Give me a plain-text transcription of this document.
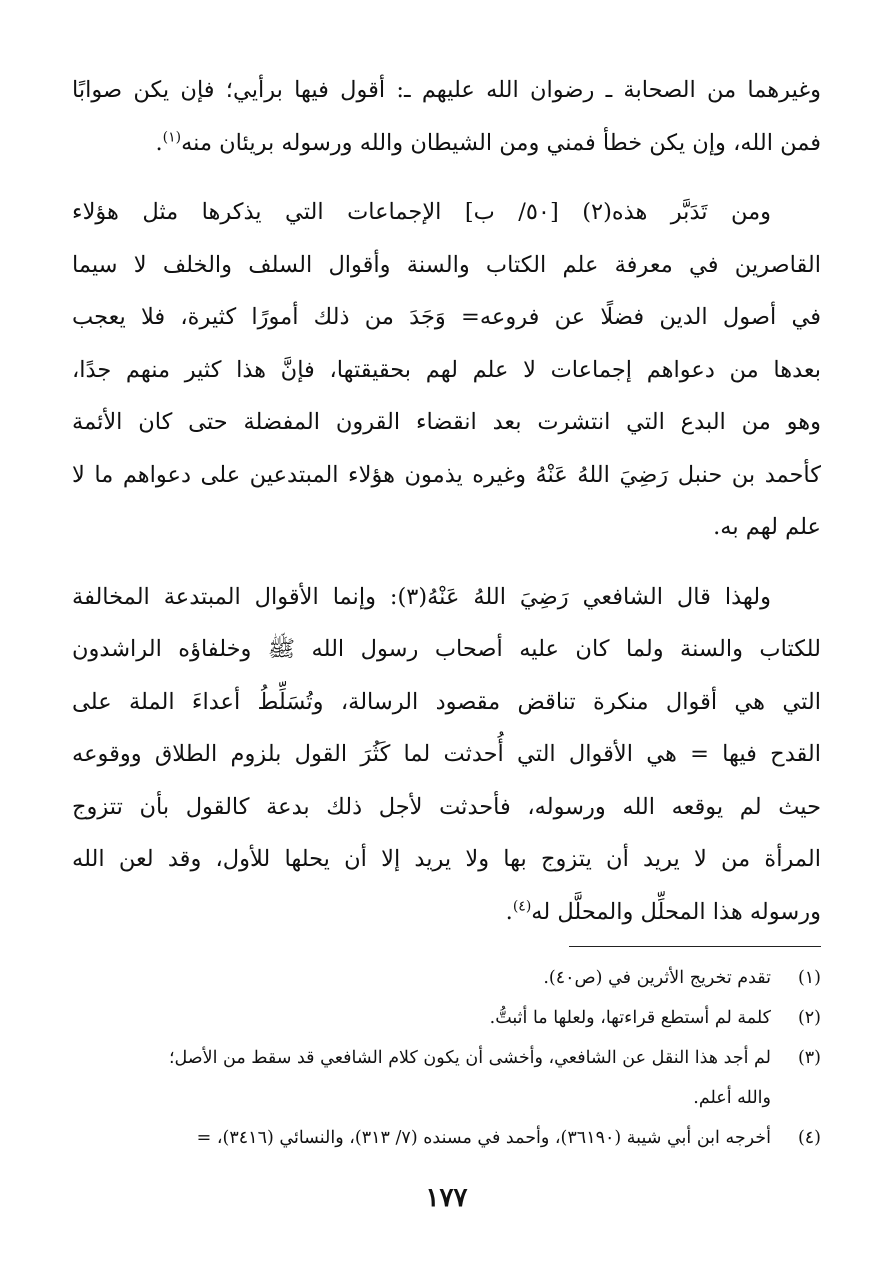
وغيرهما من الصحابة ـ رضوان الله عليهم ـ: أقول فيها برأيي؛ فإن يكن صوابًا
فمن الله، وإن يكن خطأ فمني ومن الشيطان والله ورسوله بريئان منه$^{(١)}$.
ومن تَدَبَّر هذه(٢) [٥٠/ ب] الإجماعات التي يذكرها مثل هؤلاء
القاصرين في معرفة علم الكتاب والسنة وأقوال السلف والخلف لا سيما
في أصول الدين فضلًا عن فروعه= وَجَدَ من ذلك أمورًا كثيرة، فلا يعجب
بعدها من دعواهم إجماعات لا علم لهم بحقيقتها، فإنَّ هذا كثير منهم جدًا،
وهو من البدع التي انتشرت بعد انقضاء القرون المفضلة حتى كان الأئمة
كأحمد بن حنبل رَضِيَ اللهُ عَنْهُ وغيره يذمون هؤلاء المبتدعين على دعواهم ما لا
علم لهم به.
ولهذا قال الشافعي رَضِيَ اللهُ عَنْهُ(٣): وإنما الأقوال المبتدعة المخالفة
للكتاب والسنة ولما كان عليه أصحاب رسول الله ﷺ وخلفاؤه الراشدون
التي هي أقوال منكرة تناقض مقصود الرسالة، وتُسَلِّطُ أعداءَ الملة على
القدح فيها = هي الأقوال التي أُحدثت لما كَثُرَ القول بلزوم الطلاق ووقوعه
حيث لم يوقعه الله ورسوله، فأحدثت لأجل ذلك بدعة كالقول بأن تتزوج
المرأة من لا يريد أن يتزوج بها ولا يريد إلا أن يحلها للأول، وقد لعن الله
ورسوله هذا المحلِّل والمحلَّل له$^{(٤)}$.
(١)
تقدم تخريج الأثرين في (ص٤٠).
(٢)
كلمة لم أستطع قراءتها، ولعلها ما أثبتُّ.
(٣)
لم أجد هذا النقل عن الشافعي، وأخشى أن يكون كلام الشافعي قد سقط من الأصل؛
والله أعلم.
(٤)
أخرجه ابن أبي شيبة (٣٦١٩٠)، وأحمد في مسنده (٧/ ٣١٣)، والنسائي (٣٤١٦)، =
١٧٧
